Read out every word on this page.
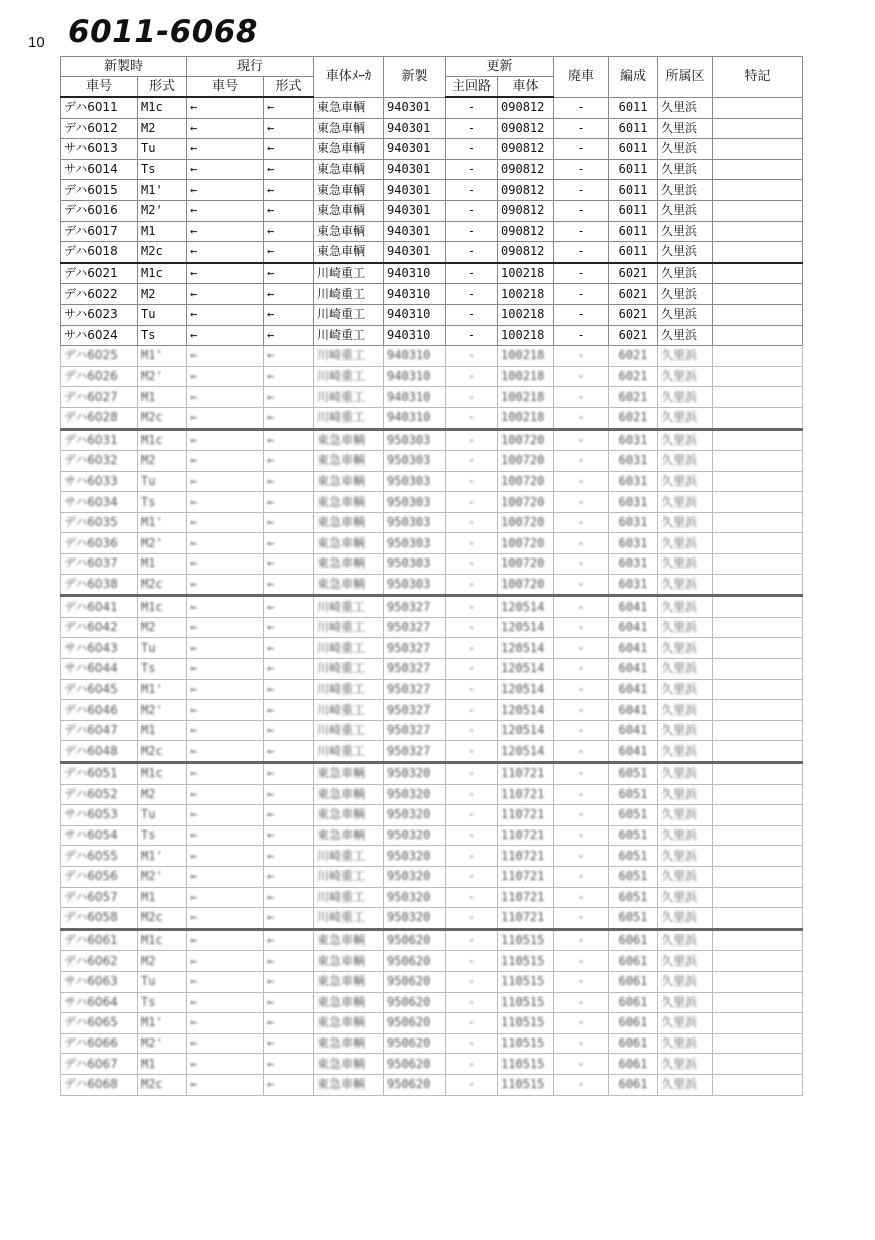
10 6011-6068
新製時		現行		車体ﾒｰｶ	新製	更新		廃車	編成	所属区	特記
車号	形式	車号	形式			主回路	車体				
デハ6011	M1c	←	←	東急車輌	940301	-	090812	-	6011	久里浜	
デハ6012	M2	←	←	東急車輌	940301	-	090812	-	6011	久里浜	
サハ6013	Tu	←	←	東急車輌	940301	-	090812	-	6011	久里浜	
サハ6014	Ts	←	←	東急車輌	940301	-	090812	-	6011	久里浜	
デハ6015	M1'	←	←	東急車輌	940301	-	090812	-	6011	久里浜	
デハ6016	M2'	←	←	東急車輌	940301	-	090812	-	6011	久里浜	
デハ6017	M1	←	←	東急車輌	940301	-	090812	-	6011	久里浜	
デハ6018	M2c	←	←	東急車輌	940301	-	090812	-	6011	久里浜	
デハ6021	M1c	←	←	川崎重工	940310	-	100218	-	6021	久里浜	
デハ6022	M2	←	←	川崎重工	940310	-	100218	-	6021	久里浜	
サハ6023	Tu	←	←	川崎重工	940310	-	100218	-	6021	久里浜	
サハ6024	Ts	←	←	川崎重工	940310	-	100218	-	6021	久里浜	
デハ6025	M1'	←	←	川崎重工	940310	-	100218	-	6021	久里浜	
デハ6026	M2'	←	←	川崎重工	940310	-	100218	-	6021	久里浜	
デハ6027	M1	←	←	川崎重工	940310	-	100218	-	6021	久里浜	
デハ6028	M2c	←	←	川崎重工	940310	-	100218	-	6021	久里浜	
デハ6031	M1c	←	←	東急車輌	950303	-	100720	-	6031	久里浜	
デハ6032	M2	←	←	東急車輌	950303	-	100720	-	6031	久里浜	
サハ6033	Tu	←	←	東急車輌	950303	-	100720	-	6031	久里浜	
サハ6034	Ts	←	←	東急車輌	950303	-	100720	-	6031	久里浜	
デハ6035	M1'	←	←	東急車輌	950303	-	100720	-	6031	久里浜	
デハ6036	M2'	←	←	東急車輌	950303	-	100720	-	6031	久里浜	
デハ6037	M1	←	←	東急車輌	950303	-	100720	-	6031	久里浜	
デハ6038	M2c	←	←	東急車輌	950303	-	100720	-	6031	久里浜	
デハ6041	M1c	←	←	川崎重工	950327	-	120514	-	6041	久里浜	
デハ6042	M2	←	←	川崎重工	950327	-	120514	-	6041	久里浜	
サハ6043	Tu	←	←	川崎重工	950327	-	120514	-	6041	久里浜	
サハ6044	Ts	←	←	川崎重工	950327	-	120514	-	6041	久里浜	
デハ6045	M1'	←	←	川崎重工	950327	-	120514	-	6041	久里浜	
デハ6046	M2'	←	←	川崎重工	950327	-	120514	-	6041	久里浜	
デハ6047	M1	←	←	川崎重工	950327	-	120514	-	6041	久里浜	
デハ6048	M2c	←	←	川崎重工	950327	-	120514	-	6041	久里浜	
デハ6051	M1c	←	←	東急車輌	950320	-	110721	-	6051	久里浜	
デハ6052	M2	←	←	東急車輌	950320	-	110721	-	6051	久里浜	
サハ6053	Tu	←	←	東急車輌	950320	-	110721	-	6051	久里浜	
サハ6054	Ts	←	←	東急車輌	950320	-	110721	-	6051	久里浜	
デハ6055	M1'	←	←	川崎重工	950320	-	110721	-	6051	久里浜	
デハ6056	M2'	←	←	川崎重工	950320	-	110721	-	6051	久里浜	
デハ6057	M1	←	←	川崎重工	950320	-	110721	-	6051	久里浜	
デハ6058	M2c	←	←	川崎重工	950320	-	110721	-	6051	久里浜	
デハ6061	M1c	←	←	東急車輌	950620	-	110515	-	6061	久里浜	
デハ6062	M2	←	←	東急車輌	950620	-	110515	-	6061	久里浜	
サハ6063	Tu	←	←	東急車輌	950620	-	110515	-	6061	久里浜	
サハ6064	Ts	←	←	東急車輌	950620	-	110515	-	6061	久里浜	
デハ6065	M1'	←	←	東急車輌	950620	-	110515	-	6061	久里浜	
デハ6066	M2'	←	←	東急車輌	950620	-	110515	-	6061	久里浜	
デハ6067	M1	←	←	東急車輌	950620	-	110515	-	6061	久里浜	
デハ6068	M2c	←	←	東急車輌	950620	-	110515	-	6061	久里浜	
